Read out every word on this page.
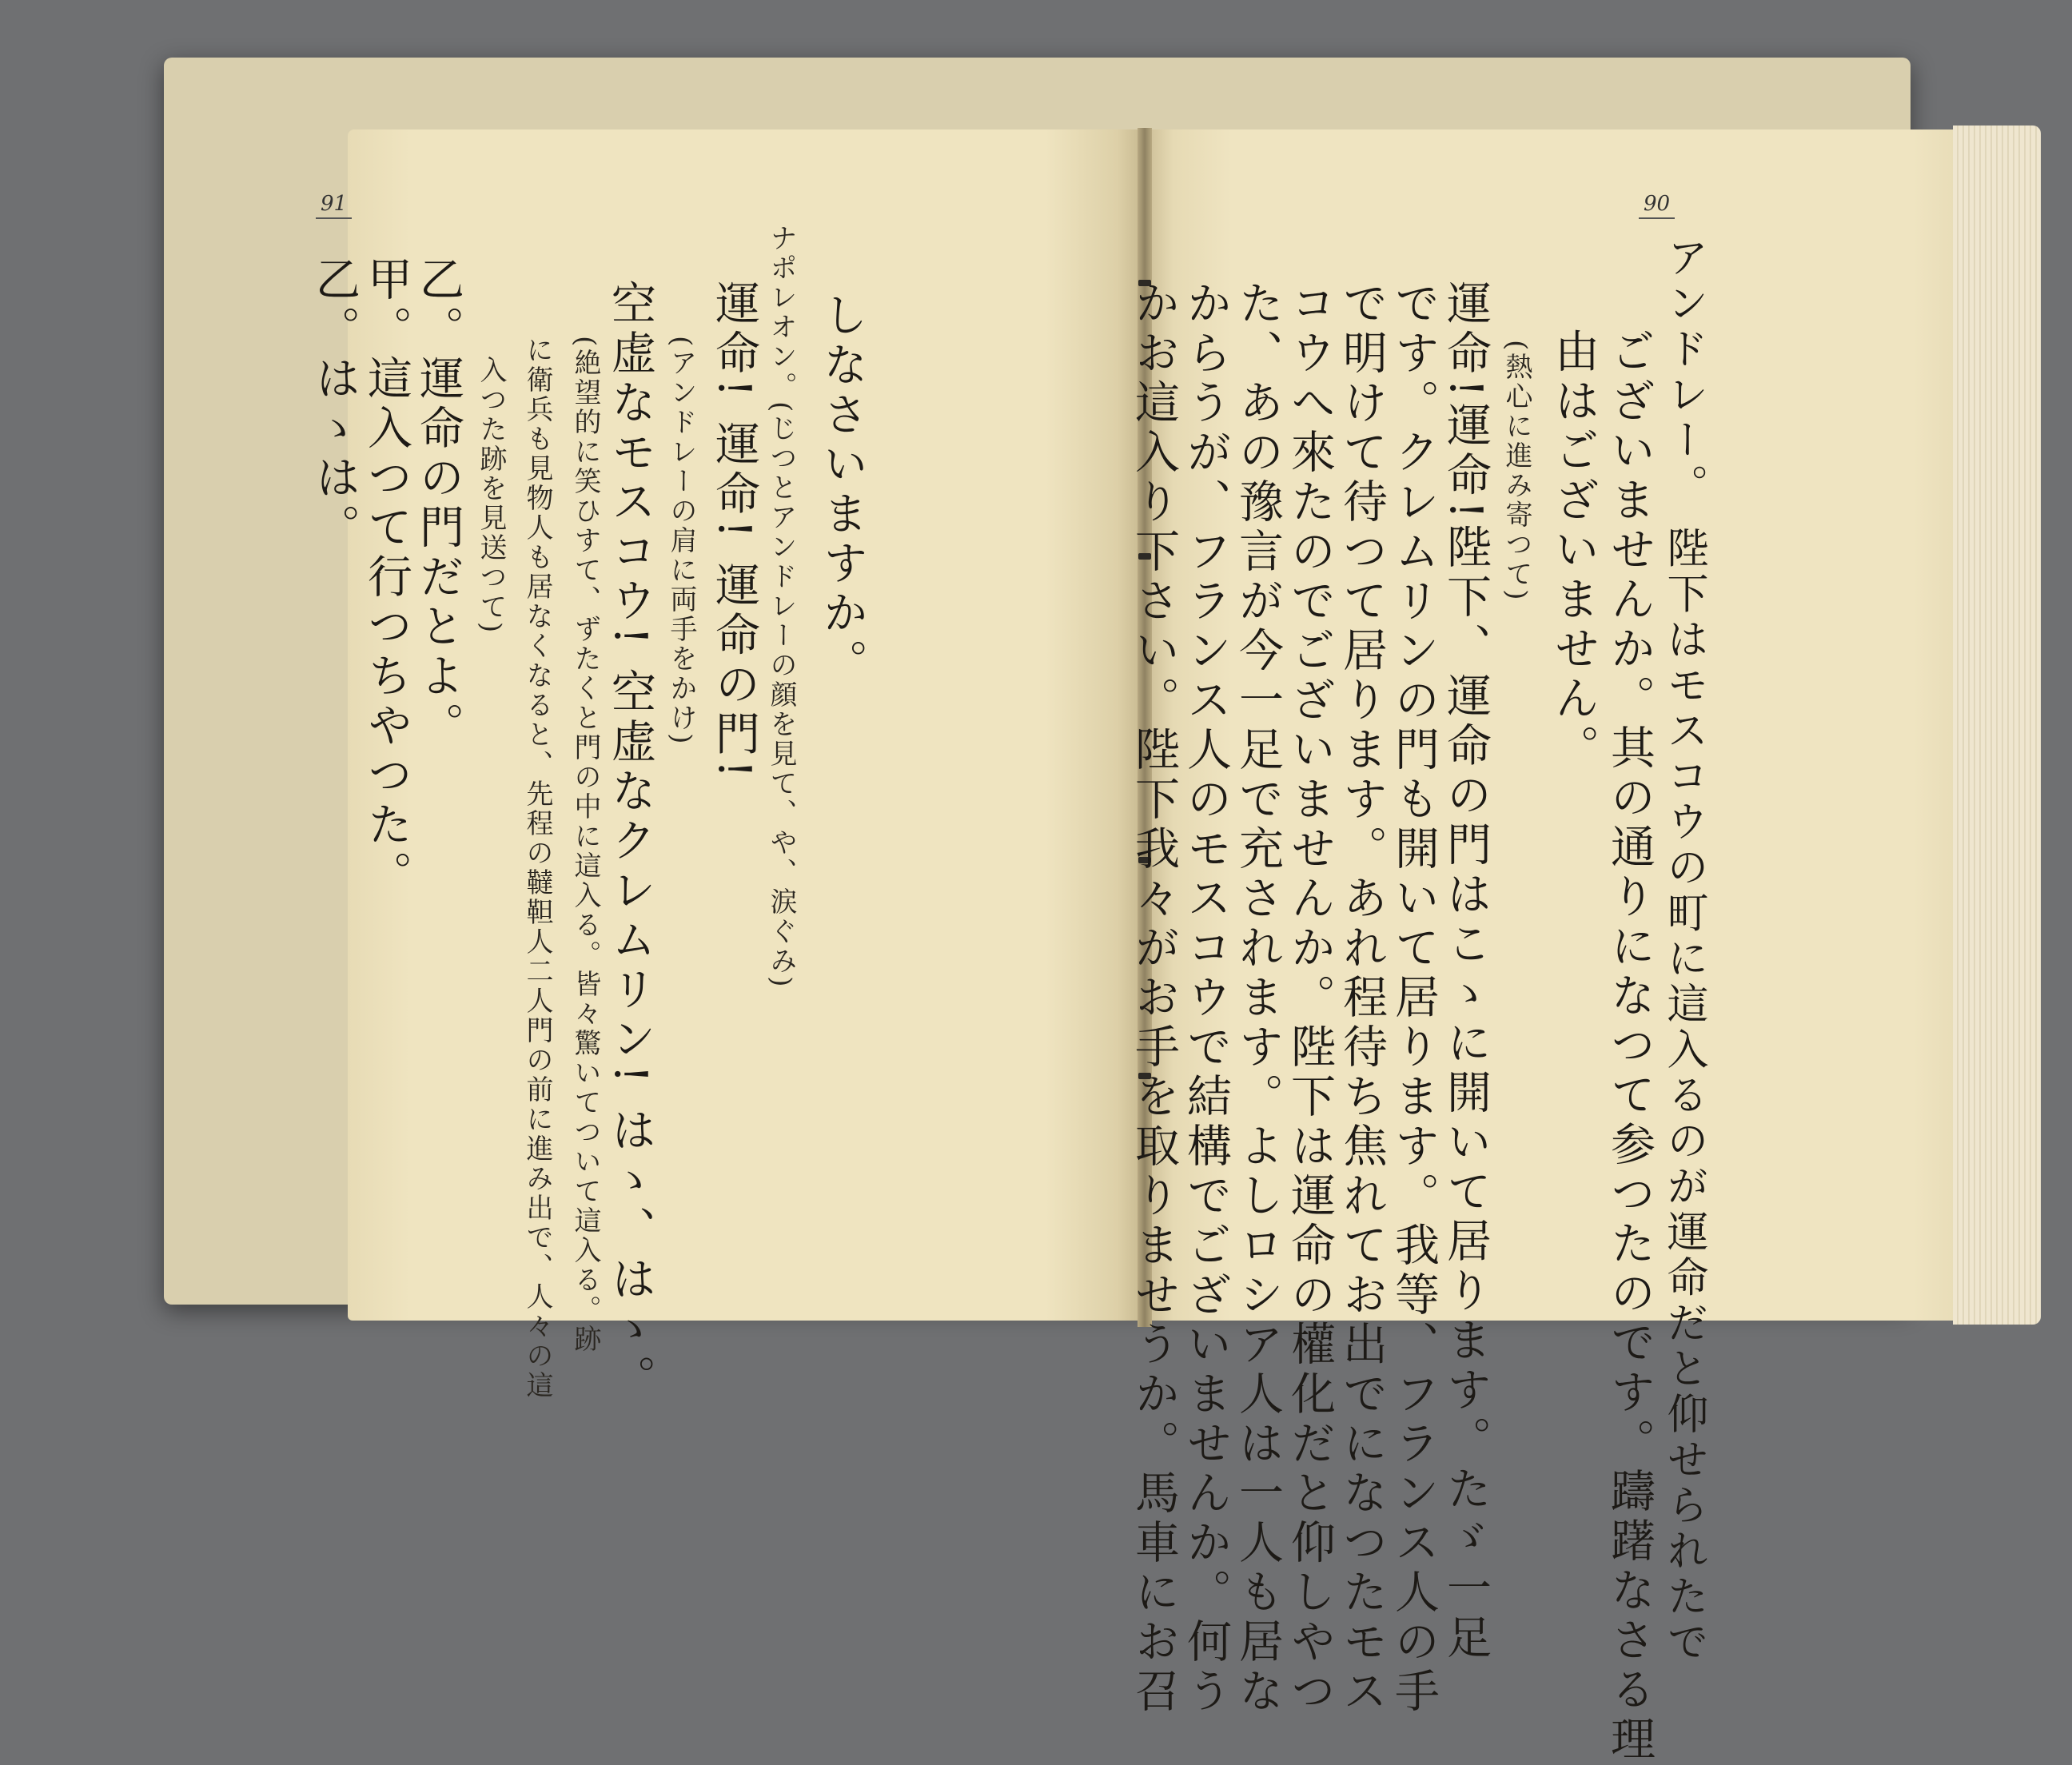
91
しなさいますか。
ナポレオン。(じつとアンドレーの顔を見て、や、涙ぐみ)
運命! 運命! 運命の門!
(アンドレーの肩に両手をかけ)
空虚なモスコウ! 空虚なクレムリン! はゝ、はゝ。
(絶望的に笑ひすて、ずたくと門の中に這入る。皆々驚いてついて這入る。跡
に衛兵も見物人も居なくなると、先程の韃靼人二人門の前に進み出で、人々の這
入つた跡を見送つて)
乙。運命の門だとよ。
甲。這入つて行つちやつた。
乙。はゝは。
90
アンドレー。 陛下はモスコウの町に這入るのが運命だと仰せられたで
ございませんか。其の通りになつて参つたのです。躊躇なさる理
由はございません。
(熱心に進み寄つて)
運命!運命!陛下、運命の門はこゝに開いて居ります。たゞ一足
です。クレムリンの門も開いて居ります。我等、フランス人の手
で明けて待つて居ります。あれ程待ち焦れてお出でになつたモス
コウへ來たのでございませんか。陛下は運命の權化だと仰しやつ
た、あの豫言が今一足で充されます。よしロシア人は一人も居な
からうが、フランス人のモスコウで結構でございませんか。何う
かお這入り下さい。陛下我々がお手を取りませうか。馬車にお召
